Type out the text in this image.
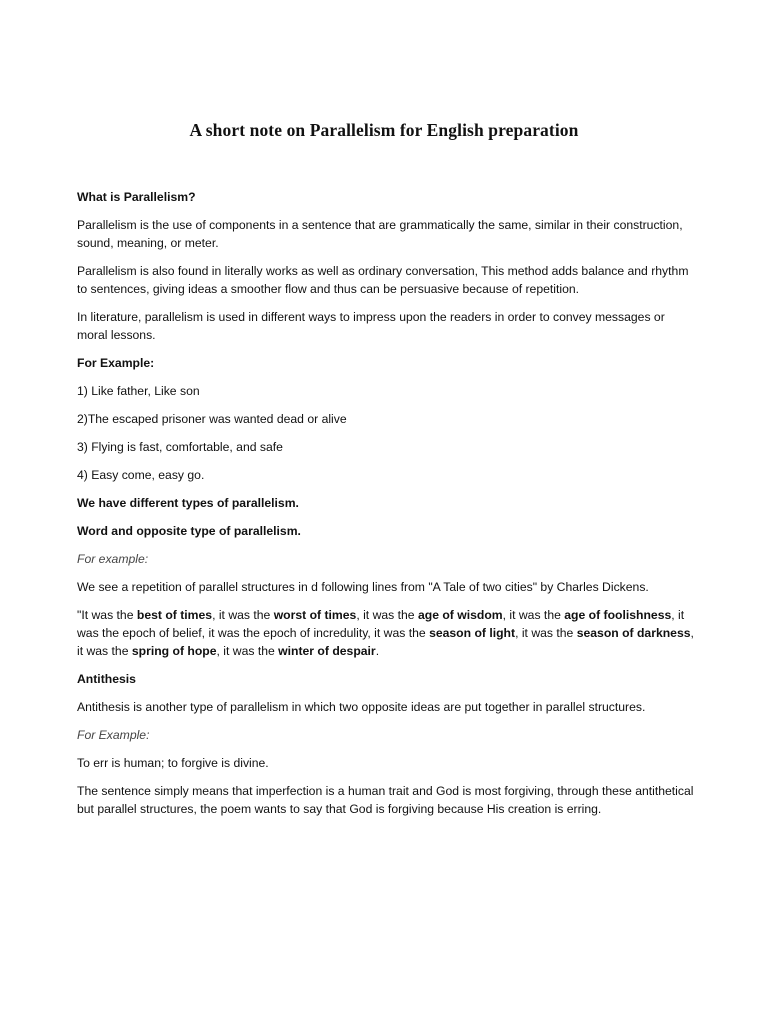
A short note on Parallelism for English preparation

What is Parallelism?

Parallelism is the use of components in a sentence that are grammatically the same, similar in their construction, sound, meaning, or meter.

Parallelism is also found in literally works as well as ordinary conversation, This method adds balance and rhythm to sentences, giving ideas a smoother flow and thus can be persuasive because of repetition.

In literature, parallelism is used in different ways to impress upon the readers in order to convey messages or moral lessons.

For Example:

1) Like father, Like son

2)The escaped prisoner was wanted dead or alive

3) Flying is fast, comfortable, and safe

4) Easy come, easy go.

We have different types of parallelism.

Word and opposite type of parallelism.

For example:

We see a repetition of parallel structures in d following lines from "A Tale of two cities" by Charles Dickens.

"It was the best of times, it was the worst of times, it was the age of wisdom, it was the age of foolishness, it was the epoch of belief, it was the epoch of incredulity, it was the season of light, it was the season of darkness, it was the spring of hope, it was the winter of despair.

Antithesis

Antithesis is another type of parallelism in which two opposite ideas are put together in parallel structures.

For Example:

To err is human; to forgive is divine.

The sentence simply means that imperfection is a human trait and God is most forgiving, through these antithetical but parallel structures, the poem wants to say that God is forgiving because His creation is erring.
